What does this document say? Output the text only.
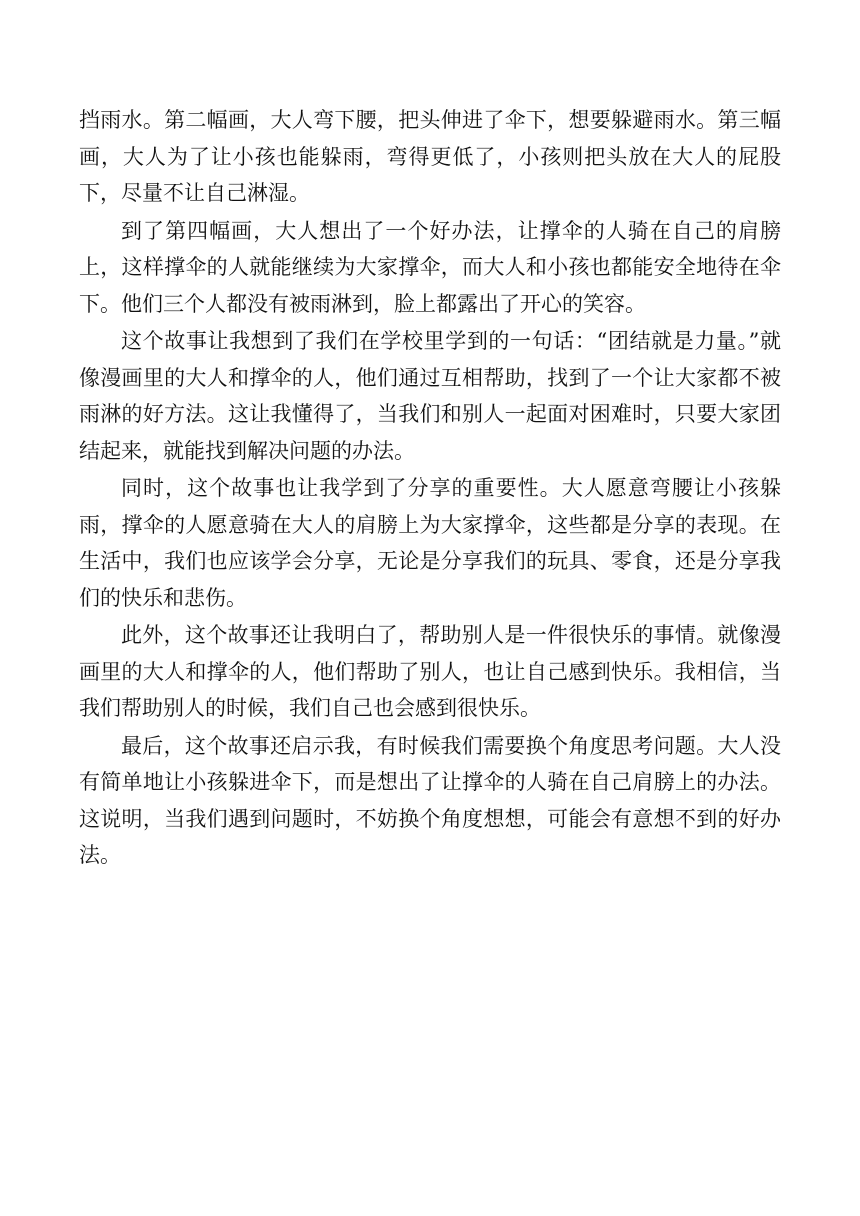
挡雨水。第二幅画，大人弯下腰，把头伸进了伞下，想要躲避雨水。第三幅画，大人为了让小孩也能躲雨，弯得更低了，小孩则把头放在大人的屁股下，尽量不让自己淋湿。

到了第四幅画，大人想出了一个好办法，让撑伞的人骑在自己的肩膀上，这样撑伞的人就能继续为大家撑伞，而大人和小孩也都能安全地待在伞下。他们三个人都没有被雨淋到，脸上都露出了开心的笑容。

这个故事让我想到了我们在学校里学到的一句话：“团结就是力量。”就像漫画里的大人和撑伞的人，他们通过互相帮助，找到了一个让大家都不被雨淋的好方法。这让我懂得了，当我们和别人一起面对困难时，只要大家团结起来，就能找到解决问题的办法。

同时，这个故事也让我学到了分享的重要性。大人愿意弯腰让小孩躲雨，撑伞的人愿意骑在大人的肩膀上为大家撑伞，这些都是分享的表现。在生活中，我们也应该学会分享，无论是分享我们的玩具、零食，还是分享我们的快乐和悲伤。

此外，这个故事还让我明白了，帮助别人是一件很快乐的事情。就像漫画里的大人和撑伞的人，他们帮助了别人，也让自己感到快乐。我相信，当我们帮助别人的时候，我们自己也会感到很快乐。

最后，这个故事还启示我，有时候我们需要换个角度思考问题。大人没有简单地让小孩躲进伞下，而是想出了让撑伞的人骑在自己肩膀上的办法。这说明，当我们遇到问题时，不妨换个角度想想，可能会有意想不到的好办法。
